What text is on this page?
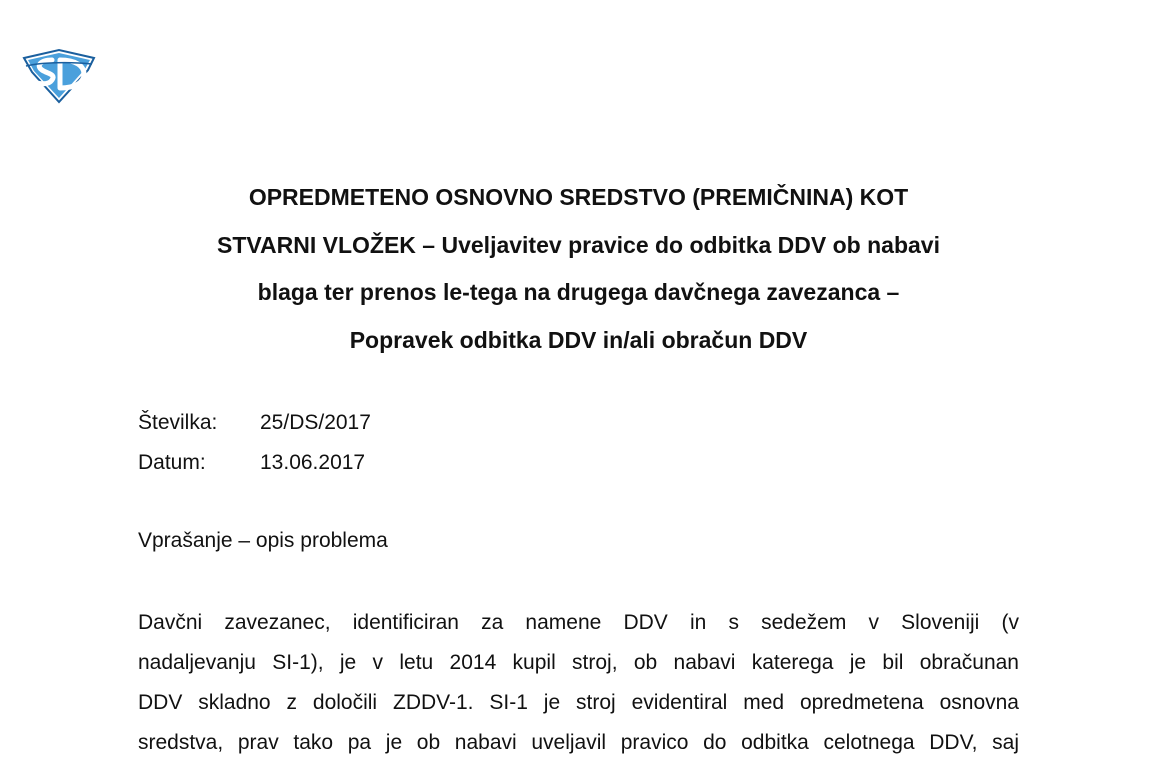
OPREDMETENO OSNOVNO SREDSTVO (PREMIČNINA) KOT
STVARNI VLOŽEK – Uveljavitev pravice do odbitka DDV ob nabavi
blaga ter prenos le-tega na drugega davčnega zavezanca –
Popravek odbitka DDV in/ali obračun DDV
Številka:	25/DS/2017
Datum:	13.06.2017
Vprašanje – opis problema
Davčni zavezanec, identificiran za namene DDV in s sedežem v Sloveniji (v
nadaljevanju SI-1), je v letu 2014 kupil stroj, ob nabavi katerega je bil obračunan
DDV skladno z določili ZDDV-1. SI-1 je stroj evidentiral med opredmetena osnovna
sredstva, prav tako pa je ob nabavi uveljavil pravico do odbitka celotnega DDV, saj
